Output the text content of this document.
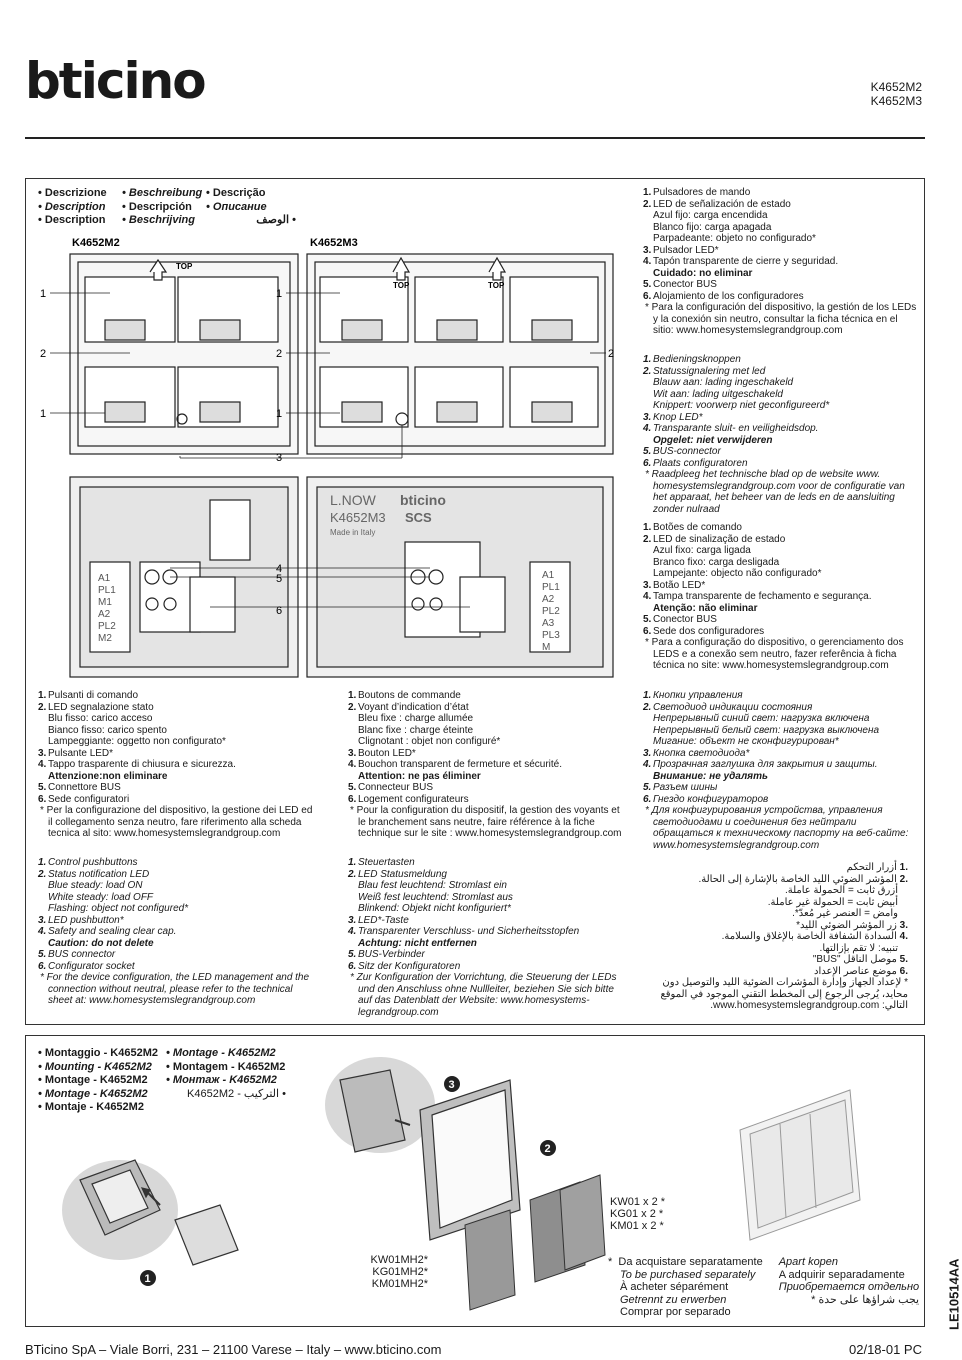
bticino	K4652M2
K4652M3
• Descrizione • Beschreibung • Descrição
• Description • Descripción • Описание
• Description • Beschrijving	الوصف •
K4652M2	K4652M3
TOP
TOP	TOP
1
2
1
3
1
2
1
2
A1
PL1
M1
A2
PL2
M2
L.NOW
K4652M3
Made in Italy
bticino
SCS
A1
PL1
A2
PL2
A3
PL3
M
4
5
6
1. Pulsadores de mando
2. LED de señalización de estado
Azul fijo: carga encendida
Blanco fijo: carga apagada
Parpadeante: objeto no configurado*
3. Pulsador LED*
4. Tapón transparente de cierre y seguridad.
Cuidado: no eliminar
5. Conector BUS
6. Alojamiento de los configuradores
* Para la configuración del dispositivo, la gestión de los LEDs y la conexión sin neutro, consultar la ficha técnica en el sitio: www.homesystemslegrandgroup.com
1. Bedieningsknoppen
2. Statussignalering met led
Blauw aan: lading ingeschakeld
Wit aan: lading uitgeschakeld
Knippert: voorwerp niet geconfigureerd*
3. Knop LED*
4. Transparante sluit- en veiligheidsdop.
Opgelet: niet verwijderen
5. BUS-connector
6. Plaats configuratoren
* Raadpleeg het technische blad op de website www. homesystemslegrandgroup.com voor de configuratie van het apparaat, het beheer van de leds en de aansluiting zonder nulraad
1. Botões de comando
2. LED de sinalização de estado
Azul fixo: carga ligada
Branco fixo: carga desligada
Lampejante: objecto não configurado*
3. Botão LED*
4. Tampa transparente de fechamento e segurança.
Atenção: não eliminar
5. Conector BUS
6. Sede dos configuradores
* Para a configuração do dispositivo, o gerenciamento dos LEDS e a conexão sem neutro, fazer referência à ficha técnica no site: www.homesystemslegrandgroup.com
1. Pulsanti di comando
2. LED segnalazione stato
Blu fisso: carico acceso
Bianco fisso: carico spento
Lampeggiante: oggetto non configurato*
3. Pulsante LED*
4. Tappo trasparente di chiusura e sicurezza.
Attenzione:non eliminare
5. Connettore BUS
6. Sede configuratori
* Per la configurazione del dispositivo, la gestione dei LED ed il collegamento senza neutro, fare riferimento alla scheda tecnica al sito: www.homesystemslegrandgroup.com
1. Boutons de commande
2. Voyant d’indication d’état
Bleu fixe : charge allumée
Blanc fixe : charge éteinte
Clignotant : objet non configuré*
3. Bouton LED*
4. Bouchon transparent de fermeture et sécurité.
Attention: ne pas éliminer
5. Connecteur BUS
6. Logement configurateurs
* Pour la configuration du dispositif, la gestion des voyants et le branchement sans neutre, faire référence à la fiche technique sur le site : www.homesystemslegrandgroup.com
1. Кнопки управления
2. Светодиод индикации состояния
Непрерывный синий свет: нагрузка включена
Непрерывный белый свет: нагрузка выключена
Мигание: объект не сконфигурирован*
3. Кнопка светодиода*
4. Прозрачная заглушка для закрытия и защиты.
Внимание: не удалять
5. Разъем шины
6. Гнездо конфигураторов
* Для конфигурирования устройства, управления светодиодами и соединения без нейтрали обращаться к техническому паспорту на веб-сайте: www.homesystemslegrandgroup.com
1. Control pushbuttons
2. Status notification LED
Blue steady: load ON
White steady: load OFF
Flashing: object not configured*
3. LED pushbutton*
4. Safety and sealing clear cap.
Caution: do not delete
5. BUS connector
6. Configurator socket
* For the device configuration, the LED management and the connection without neutral, please refer to the technical sheet at: www.homesystemslegrandgroup.com
1. Steuertasten
2. LED Statusmeldung
Blau fest leuchtend: Stromlast ein
Weiß fest leuchtend: Stromlast aus
Blinkend: Objekt nicht konfiguriert*
3. LED*-Taste
4. Transparenter Verschluss- und Sicherheitsstopfen
Achtung: nicht entfernen
5. BUS-Verbinder
6. Sitz der Konfiguratoren
* Zur Konfiguration der Vorrichtung, die Steuerung der LEDs und den Anschluss ohne Nullleiter, beziehen Sie sich bitte auf das Datenblatt der Website: www.homesystems-legrandgroup.com
.1 أزرار التحكم
.2 المؤشر الضوئي الليد الخاصة بالإشارة إلى الحالة.
أزرق ثابت = الحمولة عاملة.
أبيض ثابت = الحمولة غير عاملة.
وامض = العنصر غير مُعدّ*.
.3 زر المؤشر الضوئي الليد*
.4 السدادة الشفافة الخاصة بالإغلاق والسلامة.
تنبيه: لا تقم بإزالتها.
.5 موصل الناقل "BUS"
.6 موضع عناصر الإعداد
* لإعداد الجهاز وإدارة المؤشرات الضوئية الليد والتوصيل دون محايد، يُرجى الرجوع إلى المخطط التقني الموجود في الموقع التالي: www.homesystemslegrandgroup.com.
• Montaggio - K4652M2 • Montage - K4652M2
• Mounting - K4652M2 • Montagem - K4652M2
• Montage - K4652M2 • Монтаж - K4652M2
• Montage - K4652M2	K4652M2 - التركيب •
• Montaje - K4652M2
1
3
2
KW01MH2*
KG01MH2*
KM01MH2*
KW01 x 2 *
KG01 x 2 *
KM01 x 2 *
* Da acquistare separatamente
To be purchased separately
À acheter séparément
Getrennt zu erwerben
Comprar por separado
Apart kopen
A adquirir separadamente
Приобретается отдельно
يجب شراؤها على حدة *
BTicino SpA – Viale Borri, 231 – 21100 Varese – Italy – www.bticino.com	02/18-01 PC
LE10514AA
